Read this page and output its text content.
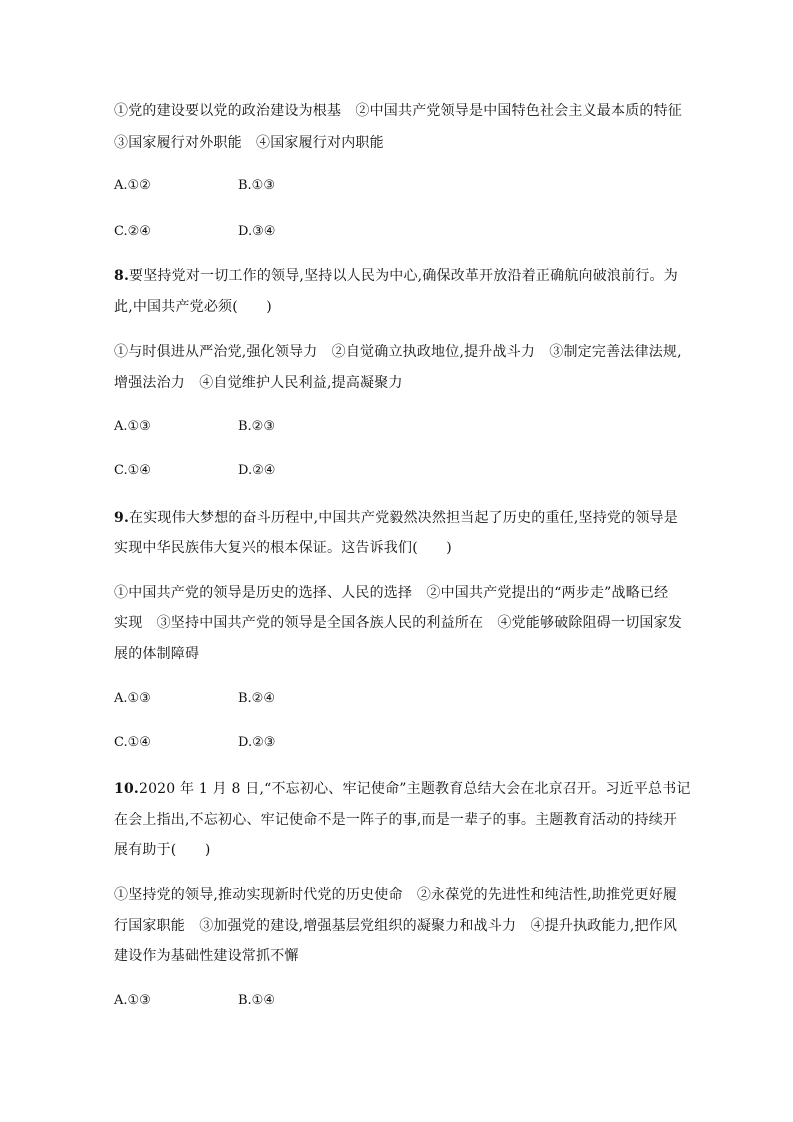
①党的建设要以党的政治建设为根基　②中国共产党领导是中国特色社会主义最本质的特征
③国家履行对外职能　④国家履行对内职能
A.①②	B.①③
C.②④	D.③④
8.要坚持党对一切工作的领导,坚持以人民为中心,确保改革开放沿着正确航向破浪前行。为
此,中国共产党必须(　　)
①与时俱进从严治党,强化领导力　②自觉确立执政地位,提升战斗力　③制定完善法律法规,
增强法治力　④自觉维护人民利益,提高凝聚力
A.①③	B.②③
C.①④	D.②④
9.在实现伟大梦想的奋斗历程中,中国共产党毅然决然担当起了历史的重任,坚持党的领导是
实现中华民族伟大复兴的根本保证。这告诉我们(　　)
①中国共产党的领导是历史的选择、人民的选择　②中国共产党提出的“两步走”战略已经
实现　③坚持中国共产党的领导是全国各族人民的利益所在　④党能够破除阻碍一切国家发
展的体制障碍
A.①③	B.②④
C.①④	D.②③
10.2020 年 1 月 8 日,“不忘初心、牢记使命”主题教育总结大会在北京召开。习近平总书记
在会上指出,不忘初心、牢记使命不是一阵子的事,而是一辈子的事。主题教育活动的持续开
展有助于(　　)
①坚持党的领导,推动实现新时代党的历史使命　②永葆党的先进性和纯洁性,助推党更好履
行国家职能　③加强党的建设,增强基层党组织的凝聚力和战斗力　④提升执政能力,把作风
建设作为基础性建设常抓不懈
A.①③	B.①④
